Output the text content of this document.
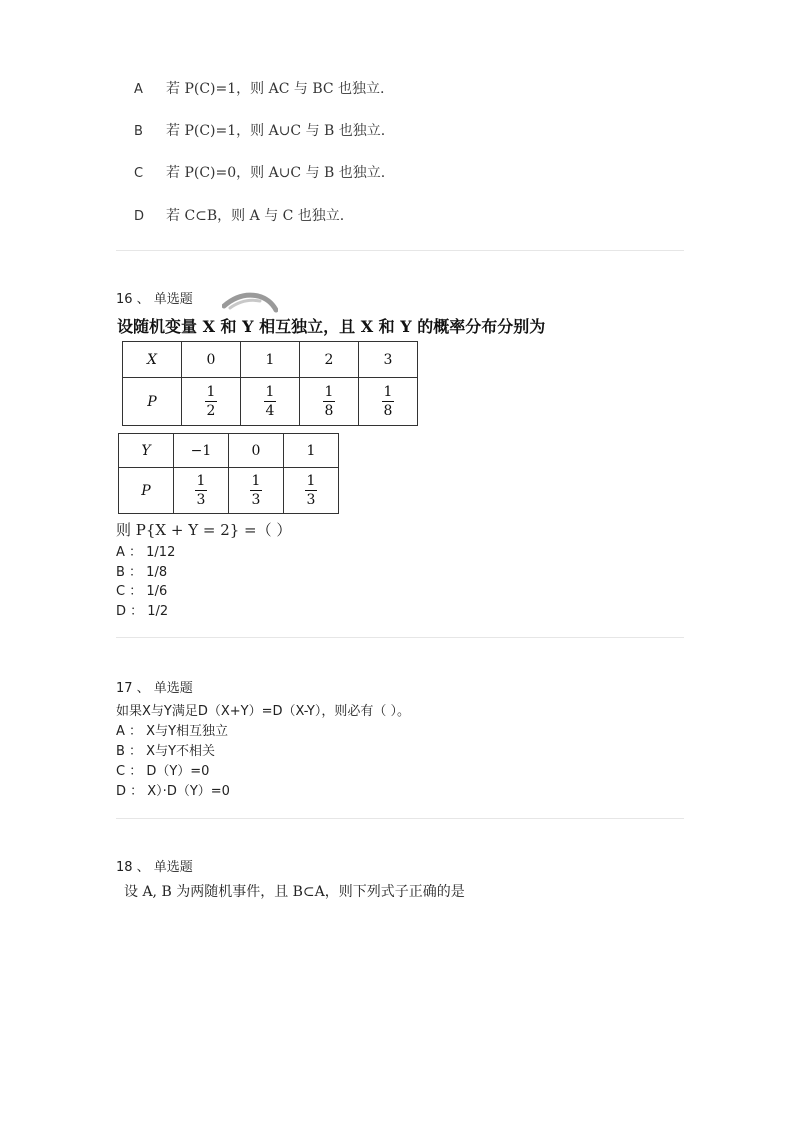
A 若 P(C)=1，则 AC 与 BC 也独立.
B 若 P(C)=1，则 A∪C 与 B 也独立.
C 若 P(C)=0，则 A∪C 与 B 也独立.
D 若 C⊂B，则 A 与 C 也独立.
16 、 单选题
设随机变量 X 和 Y 相互独立，且 X 和 Y 的概率分布分别为
X	0	1	2	3
P	$\frac{1}{2}$	$\frac{1}{4}$	$\frac{1}{8}$	$\frac{1}{8}$
Y	−1	0	1
P	$\frac{1}{3}$	$\frac{1}{3}$	$\frac{1}{3}$
则 P{X + Y = 2} =（ ）
A ： 1/12
B ： 1/8
C ： 1/6
D ： 1/2
17 、 单选题
如果X与Y满足D（X+Y）=D（X-Y），则必有（ ）。
A ： X与Y相互独立
B ： X与Y不相关
C ： D（Y）=0
D ： X）·D（Y）=0
18 、 单选题
设 A, B 为两随机事件，且 B⊂A，则下列式子正确的是
